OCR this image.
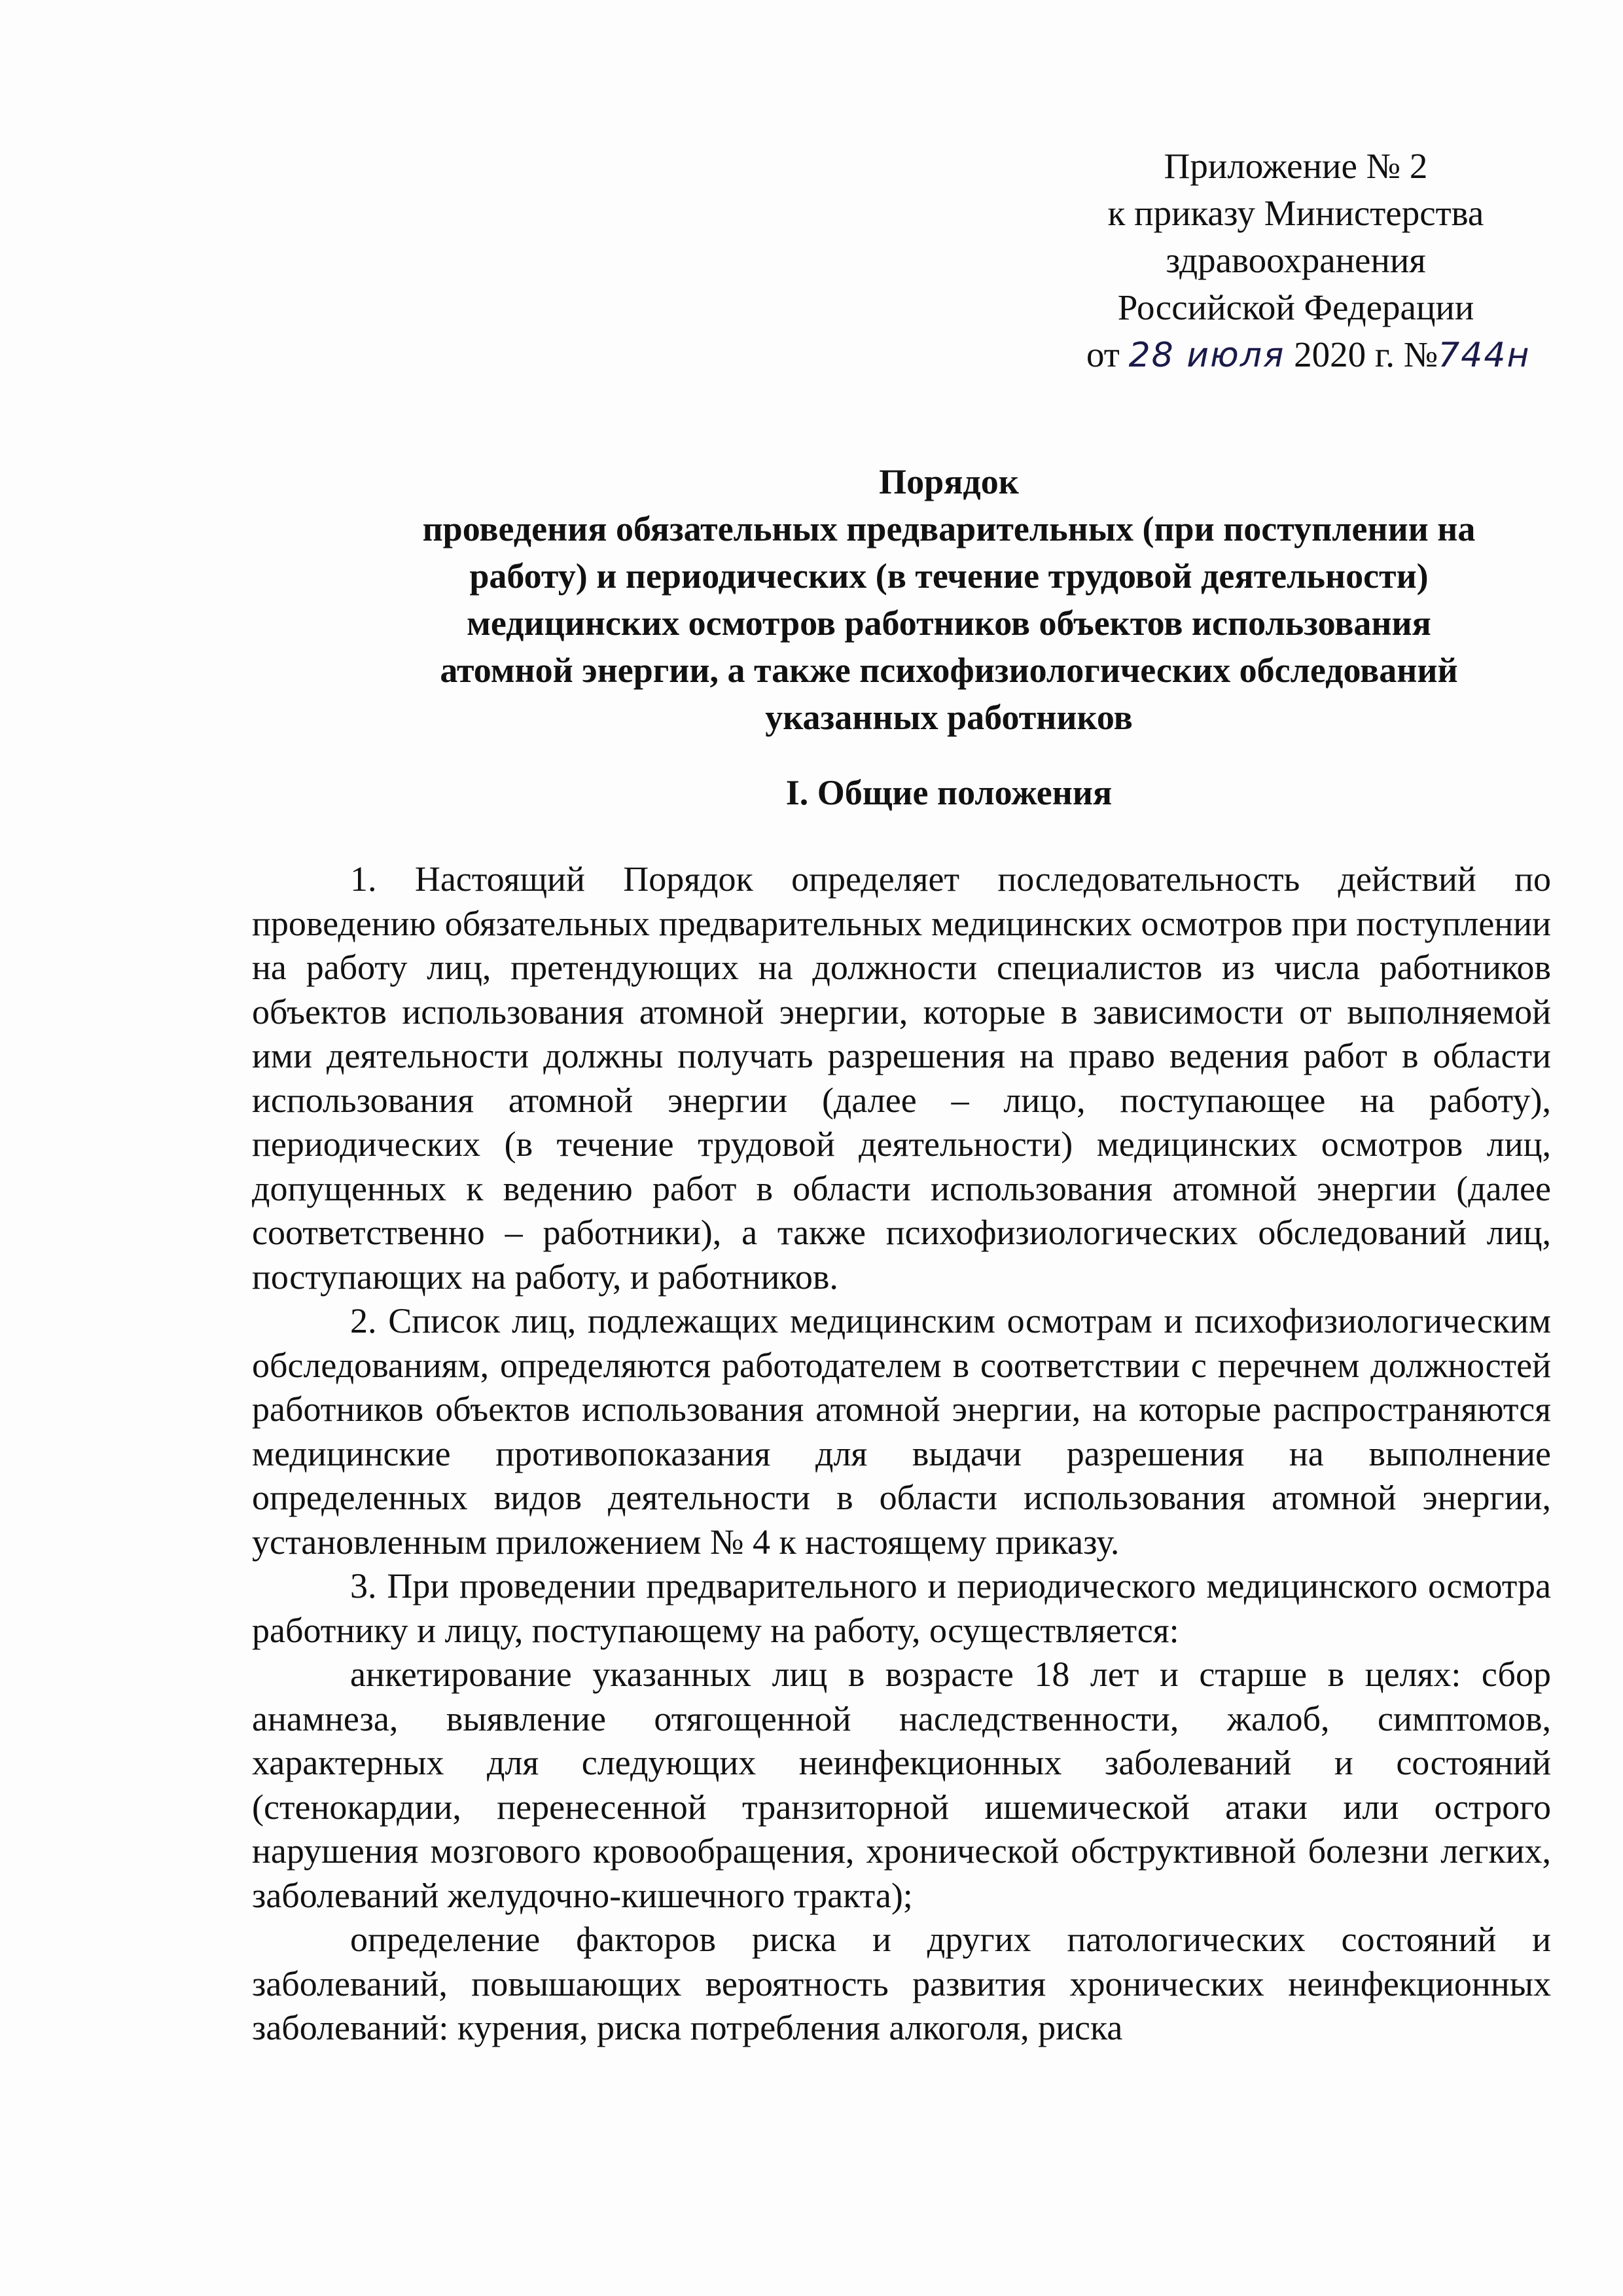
Приложение № 2
к приказу Министерства
здравоохранения
Российской Федерации
от 28 июля 2020 г. №744н
Порядок
проведения обязательных предварительных (при поступлении на
работу) и периодических (в течение трудовой деятельности)
медицинских осмотров работников объектов использования
атомной энергии, а также психофизиологических обследований
указанных работников
I. Общие положения

1. Настоящий Порядок определяет последовательность действий по проведению обязательных предварительных медицинских осмотров при поступлении на работу лиц, претендующих на должности специалистов из числа работников объектов использования атомной энергии, которые в зависимости от выполняемой ими деятельности должны получать разрешения на право ведения работ в области использования атомной энергии (далее – лицо, поступающее на работу), периодических (в течение трудовой деятельности) медицинских осмотров лиц, допущенных к ведению работ в области использования атомной энергии (далее соответственно – работники), а также психофизиологических обследований лиц, поступающих на работу, и работников.

2. Список лиц, подлежащих медицинским осмотрам и психофизиологическим обследованиям, определяются работодателем в соответствии с перечнем должностей работников объектов использования атомной энергии, на которые распространяются медицинские противопоказания для выдачи разрешения на выполнение определенных видов деятельности в области использования атомной энергии, установленным приложением № 4 к настоящему приказу.

3. При проведении предварительного и периодического медицинского осмотра работнику и лицу, поступающему на работу, осуществляется:

анкетирование указанных лиц в возрасте 18 лет и старше в целях: сбор анамнеза, выявление отягощенной наследственности, жалоб, симптомов, характерных для следующих неинфекционных заболеваний и состояний (стенокардии, перенесенной транзиторной ишемической атаки или острого нарушения мозгового кровообращения, хронической обструктивной болезни легких, заболеваний желудочно-кишечного тракта);

определение факторов риска и других патологических состояний и заболеваний, повышающих вероятность развития хронических неинфекционных заболеваний: курения, риска потребления алкоголя, риска
